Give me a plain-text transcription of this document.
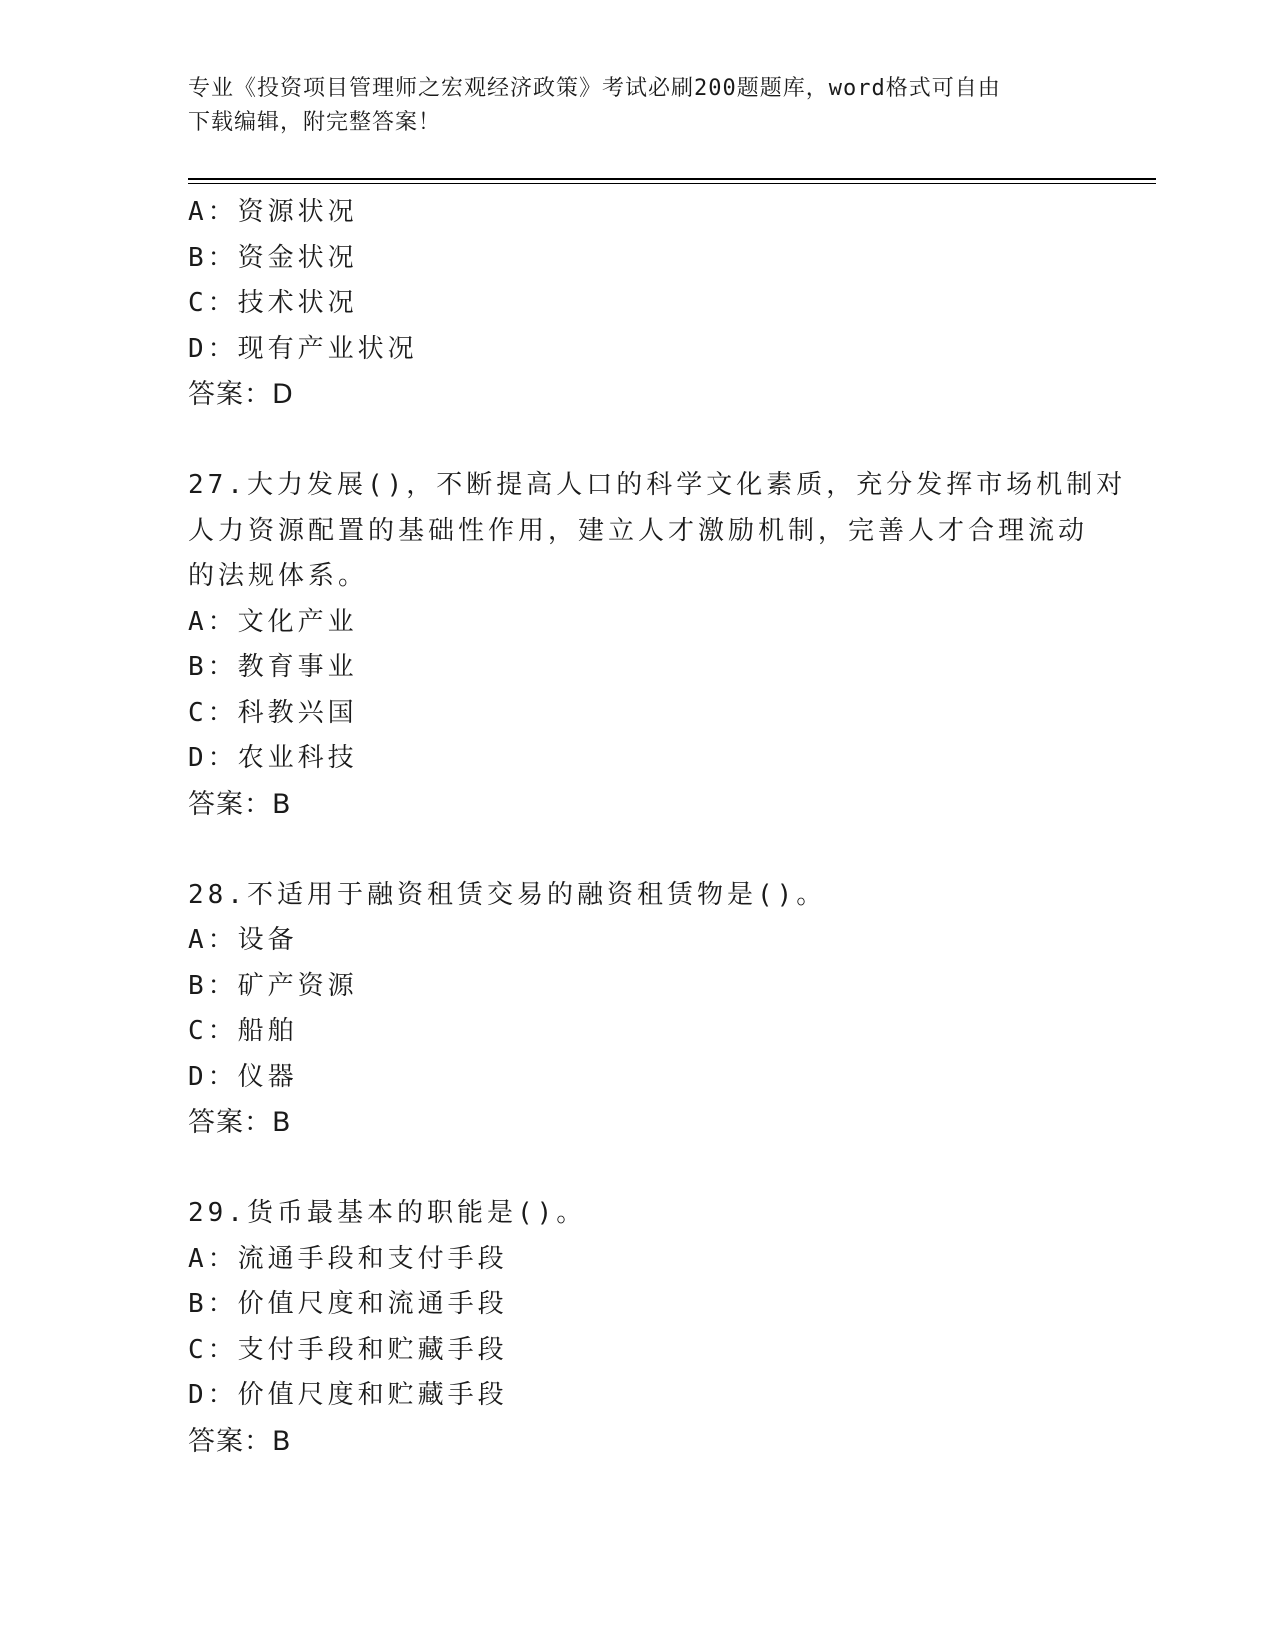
专业《投资项目管理师之宏观经济政策》考试必刷200题题库，word格式可自由
下载编辑，附完整答案！
A：资源状况
B：资金状况
C：技术状况
D：现有产业状况
答案：D
27.大力发展()，不断提高人口的科学文化素质，充分发挥市场机制对
人力资源配置的基础性作用，建立人才激励机制，完善人才合理流动
的法规体系。
A：文化产业
B：教育事业
C：科教兴国
D：农业科技
答案：B
28.不适用于融资租赁交易的融资租赁物是()。
A：设备
B：矿产资源
C：船舶
D：仪器
答案：B
29.货币最基本的职能是()。
A：流通手段和支付手段
B：价值尺度和流通手段
C：支付手段和贮藏手段
D：价值尺度和贮藏手段
答案：B
